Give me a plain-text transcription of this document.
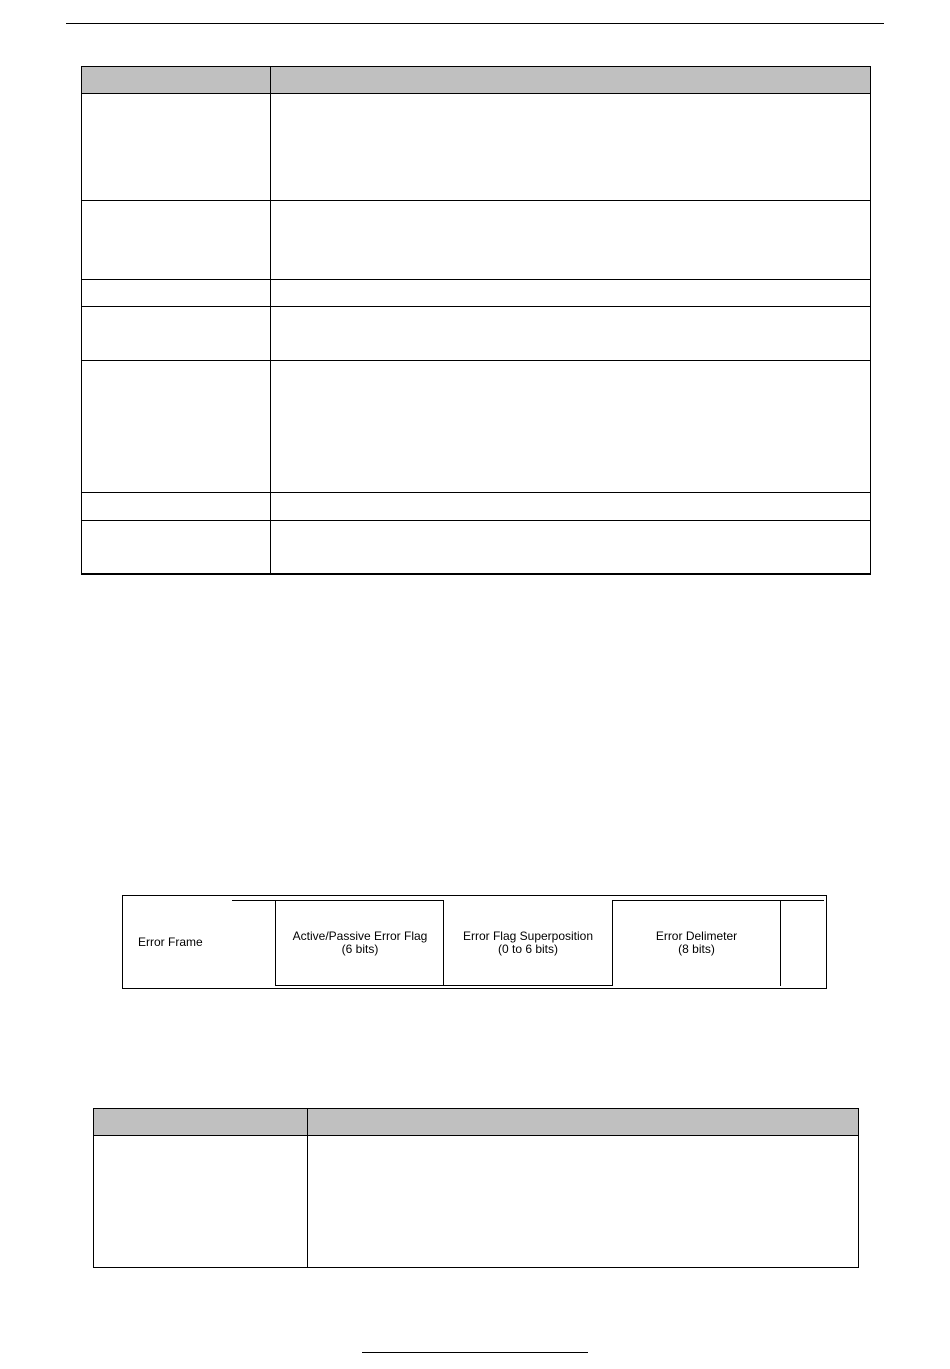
Error Frame	Active/Passive Error Flag
(6 bits)
Error Flag Superposition
(0 to 6 bits)
Error Delimeter
(8 bits)
